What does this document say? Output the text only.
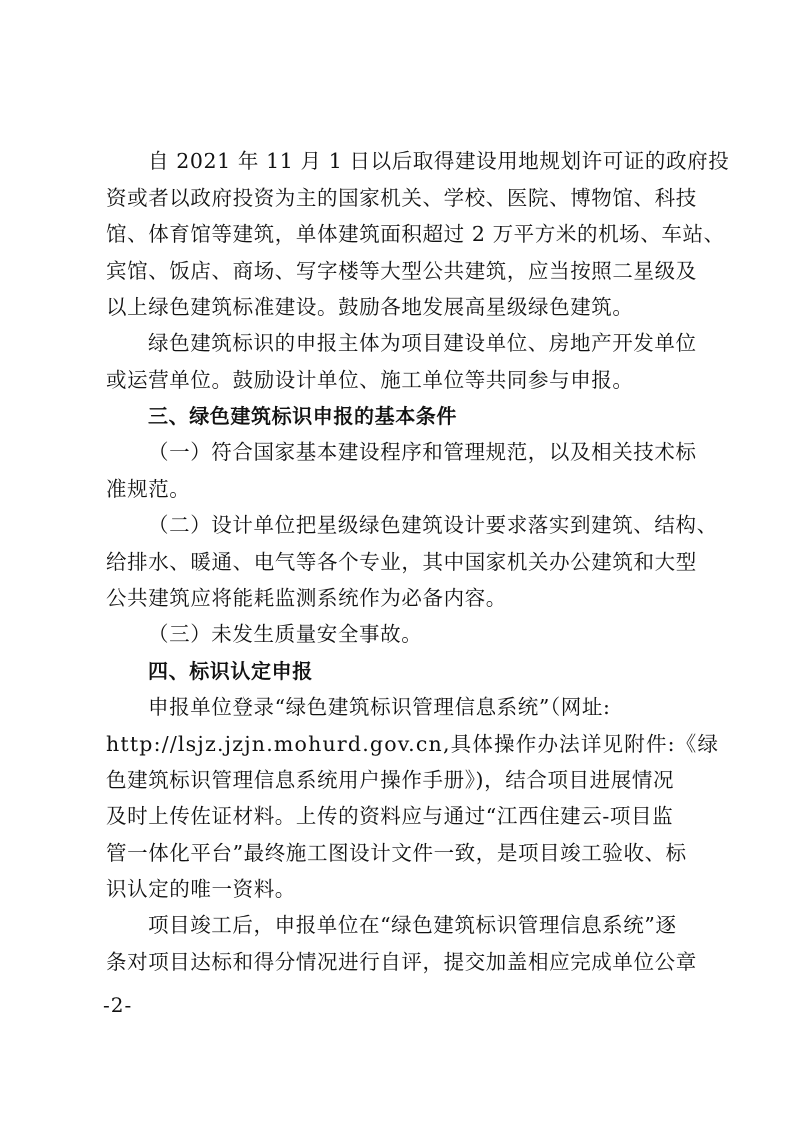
自 2021 年 11 月 1 日以后取得建设用地规划许可证的政府投
资或者以政府投资为主的国家机关、学校、医院、博物馆、科技
馆、体育馆等建筑，单体建筑面积超过 2 万平方米的机场、车站、
宾馆、饭店、商场、写字楼等大型公共建筑，应当按照二星级及
以上绿色建筑标准建设。鼓励各地发展高星级绿色建筑。
绿色建筑标识的申报主体为项目建设单位、房地产开发单位
或运营单位。鼓励设计单位、施工单位等共同参与申报。
三、绿色建筑标识申报的基本条件
（一）符合国家基本建设程序和管理规范，以及相关技术标
准规范。
（二）设计单位把星级绿色建筑设计要求落实到建筑、结构、
给排水、暖通、电气等各个专业，其中国家机关办公建筑和大型
公共建筑应将能耗监测系统作为必备内容。
（三）未发生质量安全事故。
四、标识认定申报
申报单位登录“绿色建筑标识管理信息系统”（网址:
http://lsjz.jzjn.mohurd.gov.cn,具体操作办法详见附件:《绿
色建筑标识管理信息系统用户操作手册》)，结合项目进展情况
及时上传佐证材料。上传的资料应与通过“江西住建云-项目监
管一体化平台”最终施工图设计文件一致，是项目竣工验收、标
识认定的唯一资料。
项目竣工后，申报单位在“绿色建筑标识管理信息系统”逐
条对项目达标和得分情况进行自评，提交加盖相应完成单位公章
-2-
